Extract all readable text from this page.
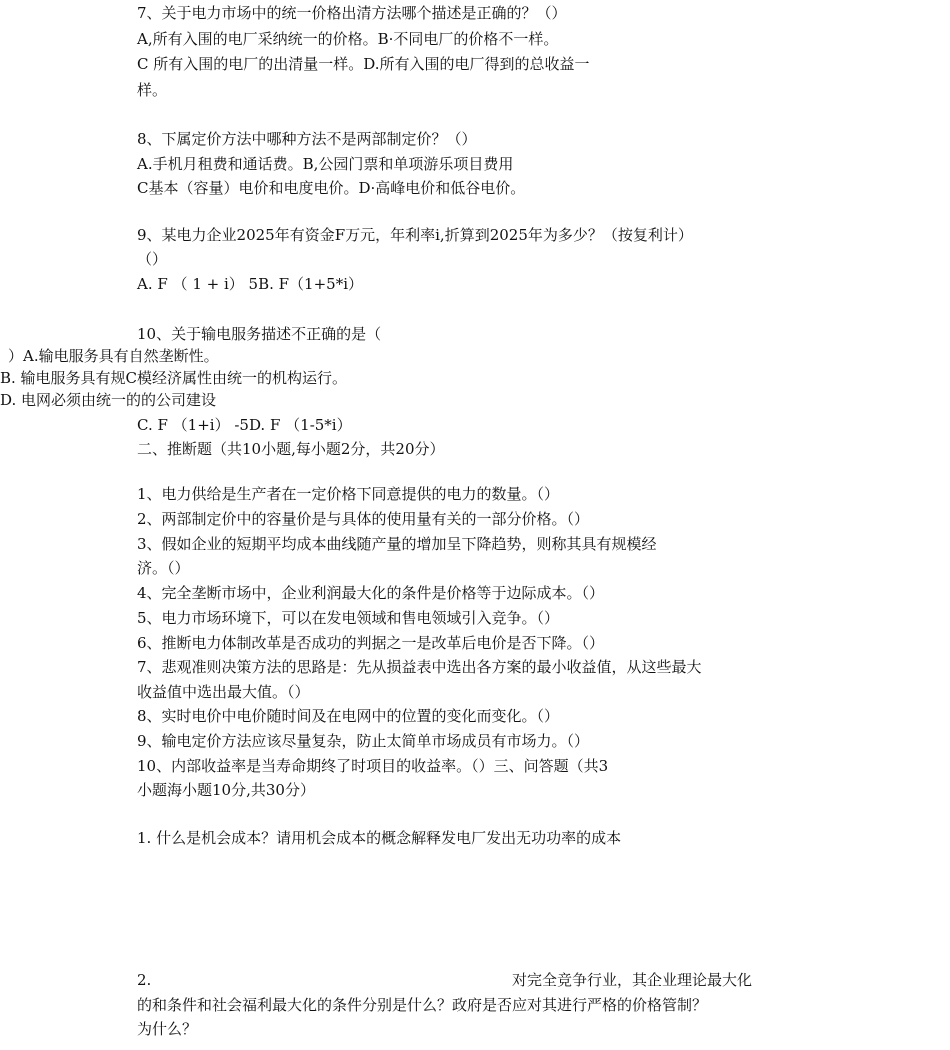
7、关于电力市场中的统一价格出清方法哪个描述是正确的？（）
A,所有入围的电厂采纳统一的价格。B·不同电厂的价格不一样。
C 所有入围的电厂的出清量一样。D.所有入围的电厂得到的总收益一
样。
8、下属定价方法中哪种方法不是两部制定价？（）
A.手机月租费和通话费。B,公园门票和单项游乐项目费用
C基本（容量）电价和电度电价。D·高峰电价和低谷电价。
9、某电力企业2025年有资金F万元，年利率i,折算到2025年为多少？（按复利计）
（）
A. F （ 1 + i） 5B. F（1+5*i）
10、关于输电服务描述不正确的是（
）A.输电服务具有自然垄断性。
B. 输电服务具有规C模经济属性由统一的机构运行。
D. 电网必须由统一的的公司建设
C. F （1+i） -5D. F （1-5*i）
二、推断题（共10小题,每小题2分，共20分）
1、电力供给是生产者在一定价格下同意提供的电力的数量。（）
2、两部制定价中的容量价是与具体的使用量有关的一部分价格。（）
3、假如企业的短期平均成本曲线随产量的增加呈下降趋势，则称其具有规模经
济。（）
4、完全垄断市场中，企业利润最大化的条件是价格等于边际成本。（）
5、电力市场环境下，可以在发电领域和售电领域引入竞争。（）
6、推断电力体制改革是否成功的判据之一是改革后电价是否下降。（）
7、悲观准则决策方法的思路是：先从损益表中选出各方案的最小收益值，从这些最大
收益值中选出最大值。（）
8、实时电价中电价随时间及在电网中的位置的变化而变化。（）
9、输电定价方法应该尽量复杂，防止太简单市场成员有市场力。（）
10、内部收益率是当寿命期终了时项目的收益率。（）三、问答题（共3
小题海小题10分,共30分）
1. 什么是机会成本？请用机会成本的概念解释发电厂发出无功功率的成本
2.	对完全竞争行业，其企业理论最大化
的和条件和社会福利最大化的条件分别是什么？政府是否应对其进行严格的价格管制？
为什么？
